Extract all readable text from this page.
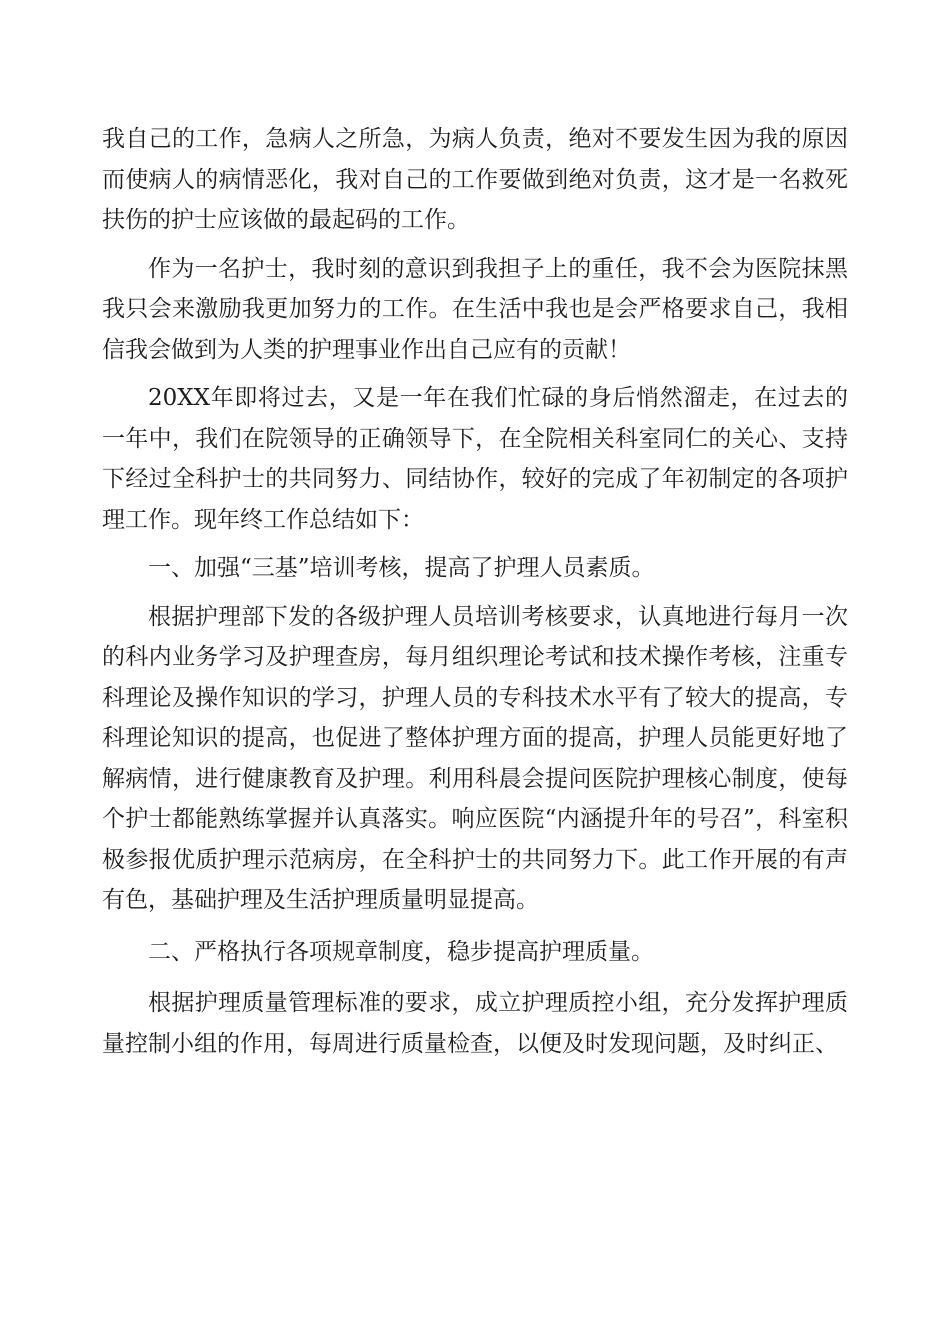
我自己的工作，急病人之所急，为病人负责，绝对不要发生因为我的原因而使病人的病情恶化，我对自己的工作要做到绝对负责，这才是一名救死扶伤的护士应该做的最起码的工作。

作为一名护士，我时刻的意识到我担子上的重任，我不会为医院抹黑我只会来激励我更加努力的工作。在生活中我也是会严格要求自己，我相信我会做到为人类的护理事业作出自己应有的贡献！

20XX年即将过去，又是一年在我们忙碌的身后悄然溜走，在过去的一年中，我们在院领导的正确领导下，在全院相关科室同仁的关心、支持下经过全科护士的共同努力、同结协作，较好的完成了年初制定的各项护理工作。现年终工作总结如下：

一、加强“三基”培训考核，提高了护理人员素质。

根据护理部下发的各级护理人员培训考核要求，认真地进行每月一次的科内业务学习及护理查房，每月组织理论考试和技术操作考核，注重专科理论及操作知识的学习，护理人员的专科技术水平有了较大的提高，专科理论知识的提高，也促进了整体护理方面的提高，护理人员能更好地了解病情，进行健康教育及护理。利用科晨会提问医院护理核心制度，使每个护士都能熟练掌握并认真落实。响应医院“内涵提升年的号召”，科室积极参报优质护理示范病房，在全科护士的共同努力下。此工作开展的有声有色，基础护理及生活护理质量明显提高。

二、严格执行各项规章制度，稳步提高护理质量。

根据护理质量管理标准的要求，成立护理质控小组，充分发挥护理质量控制小组的作用，每周进行质量检查，以便及时发现问题，及时纠正、
